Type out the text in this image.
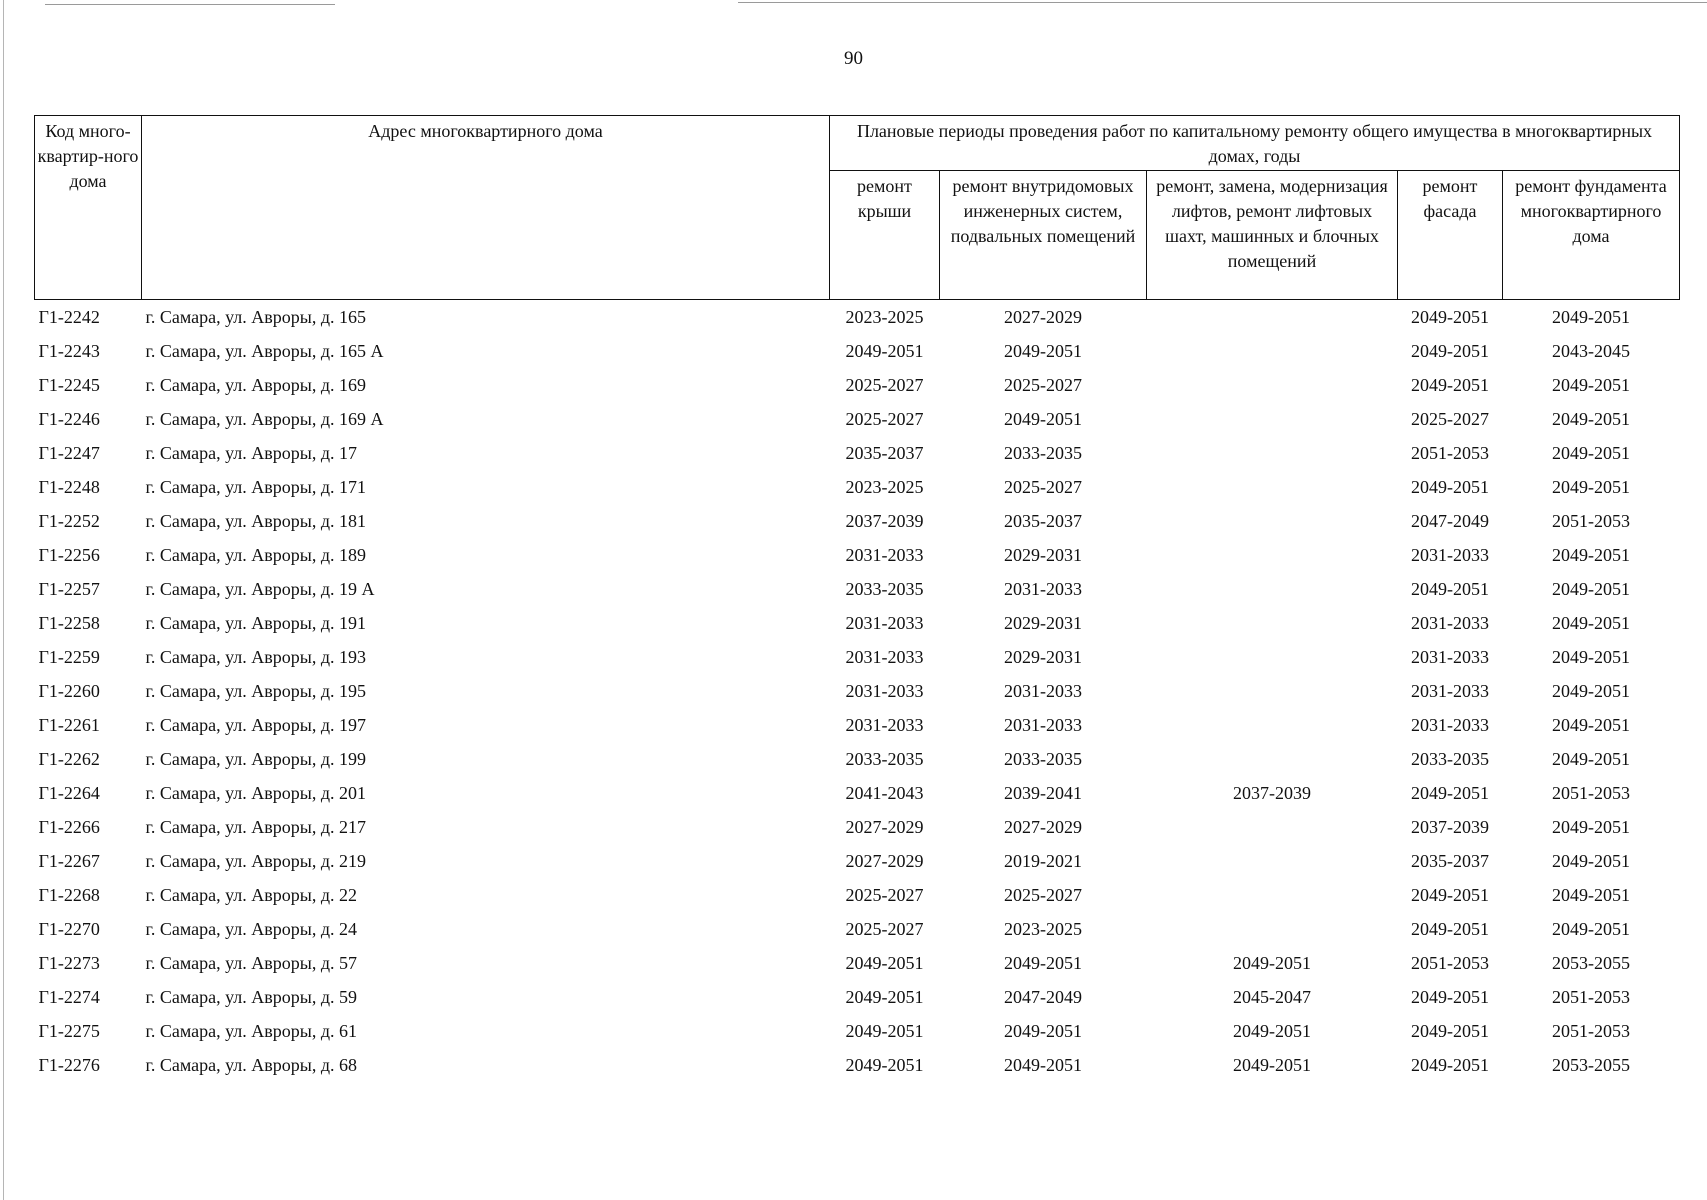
90
Код много-квартир-ного дома	Адрес многоквартирного дома	Плановые периоды проведения работ по капитальному ремонту общего имущества в многоквартирных домах, годы				
		ремонт крыши	ремонт внутридомовых инженерных систем, подвальных помещений	ремонт, замена, модернизация лифтов, ремонт лифтовых шахт, машинных и блочных помещений	ремонт фасада	ремонт фундамента многоквартирного дома
Г1-2242	г. Самара, ул. Авроры, д. 165	2023-2025	2027-2029		2049-2051	2049-2051
Г1-2243	г. Самара, ул. Авроры, д. 165 А	2049-2051	2049-2051		2049-2051	2043-2045
Г1-2245	г. Самара, ул. Авроры, д. 169	2025-2027	2025-2027		2049-2051	2049-2051
Г1-2246	г. Самара, ул. Авроры, д. 169 А	2025-2027	2049-2051		2025-2027	2049-2051
Г1-2247	г. Самара, ул. Авроры, д. 17	2035-2037	2033-2035		2051-2053	2049-2051
Г1-2248	г. Самара, ул. Авроры, д. 171	2023-2025	2025-2027		2049-2051	2049-2051
Г1-2252	г. Самара, ул. Авроры, д. 181	2037-2039	2035-2037		2047-2049	2051-2053
Г1-2256	г. Самара, ул. Авроры, д. 189	2031-2033	2029-2031		2031-2033	2049-2051
Г1-2257	г. Самара, ул. Авроры, д. 19 А	2033-2035	2031-2033		2049-2051	2049-2051
Г1-2258	г. Самара, ул. Авроры, д. 191	2031-2033	2029-2031		2031-2033	2049-2051
Г1-2259	г. Самара, ул. Авроры, д. 193	2031-2033	2029-2031		2031-2033	2049-2051
Г1-2260	г. Самара, ул. Авроры, д. 195	2031-2033	2031-2033		2031-2033	2049-2051
Г1-2261	г. Самара, ул. Авроры, д. 197	2031-2033	2031-2033		2031-2033	2049-2051
Г1-2262	г. Самара, ул. Авроры, д. 199	2033-2035	2033-2035		2033-2035	2049-2051
Г1-2264	г. Самара, ул. Авроры, д. 201	2041-2043	2039-2041	2037-2039	2049-2051	2051-2053
Г1-2266	г. Самара, ул. Авроры, д. 217	2027-2029	2027-2029		2037-2039	2049-2051
Г1-2267	г. Самара, ул. Авроры, д. 219	2027-2029	2019-2021		2035-2037	2049-2051
Г1-2268	г. Самара, ул. Авроры, д. 22	2025-2027	2025-2027		2049-2051	2049-2051
Г1-2270	г. Самара, ул. Авроры, д. 24	2025-2027	2023-2025		2049-2051	2049-2051
Г1-2273	г. Самара, ул. Авроры, д. 57	2049-2051	2049-2051	2049-2051	2051-2053	2053-2055
Г1-2274	г. Самара, ул. Авроры, д. 59	2049-2051	2047-2049	2045-2047	2049-2051	2051-2053
Г1-2275	г. Самара, ул. Авроры, д. 61	2049-2051	2049-2051	2049-2051	2049-2051	2051-2053
Г1-2276	г. Самара, ул. Авроры, д. 68	2049-2051	2049-2051	2049-2051	2049-2051	2053-2055
